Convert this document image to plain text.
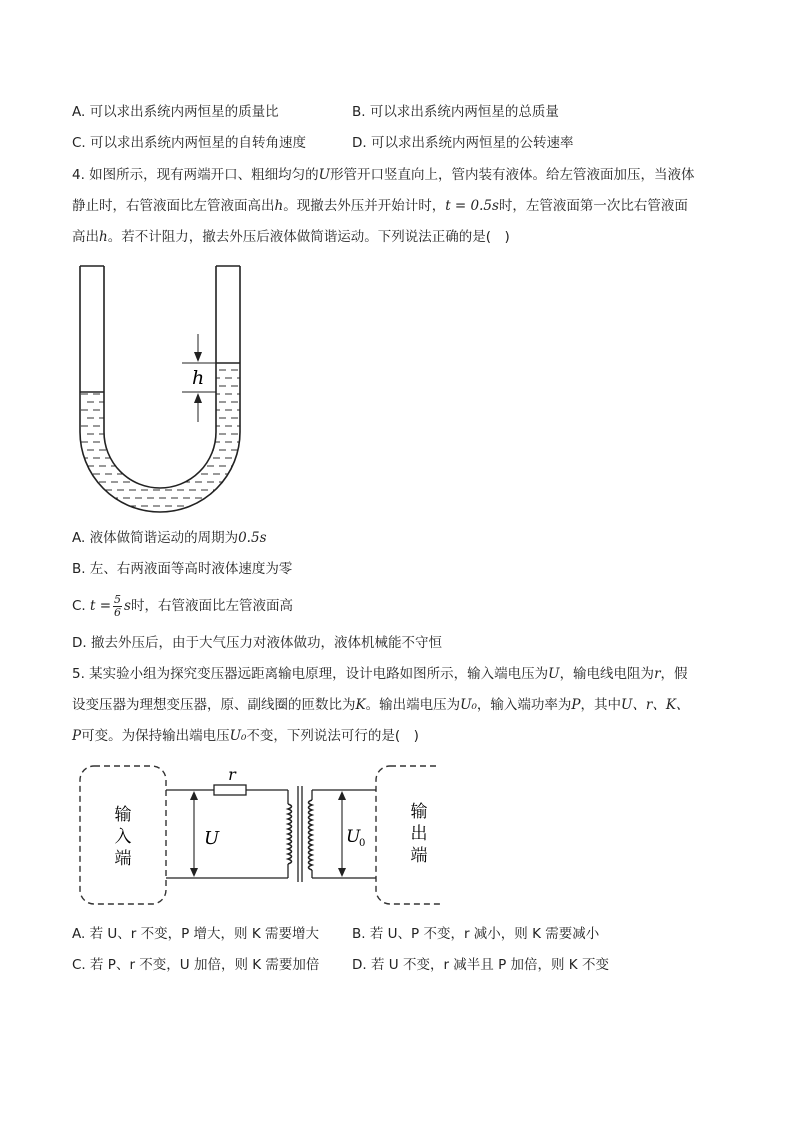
A. 可以求出系统内两恒星的质量比	B. 可以求出系统内两恒星的总质量
C. 可以求出系统内两恒星的自转角速度	D. 可以求出系统内两恒星的公转速率
4. 如图所示，现有两端开口、粗细均匀的U形管开口竖直向上，管内装有液体。给左管液面加压，当液体
静止时，右管液面比左管液面高出h。现撤去外压并开始计时，t = 0.5s时，左管液面第一次比右管液面
高出h。若不计阻力，撤去外压后液体做简谐运动。下列说法正确的是(　)
h
A. 液体做简谐运动的周期为0.5s
B. 左、右两液面等高时液体速度为零
C. $t = \frac{5}{6}$ s时，右管液面比左管液面高
D. 撤去外压后，由于大气压力对液体做功，液体机械能不守恒
5. 某实验小组为探究变压器远距离输电原理，设计电路如图所示，输入端电压为U，输电线电阻为r，假
设变压器为理想变压器，原、副线圈的匝数比为K。输出端电压为U₀，输入端功率为P，其中U、r、K、
P可变。为保持输出端电压U₀不变，下列说法可行的是(　)
输
入
端
输
出
端
r
U	U
0
A. 若 U、r 不变，P 增大，则 K 需要增大 B. 若 U、P 不变，r 减小，则 K 需要减小
C. 若 P、r 不变，U 加倍，则 K 需要加倍 D. 若 U 不变，r 减半且 P 加倍，则 K 不变
